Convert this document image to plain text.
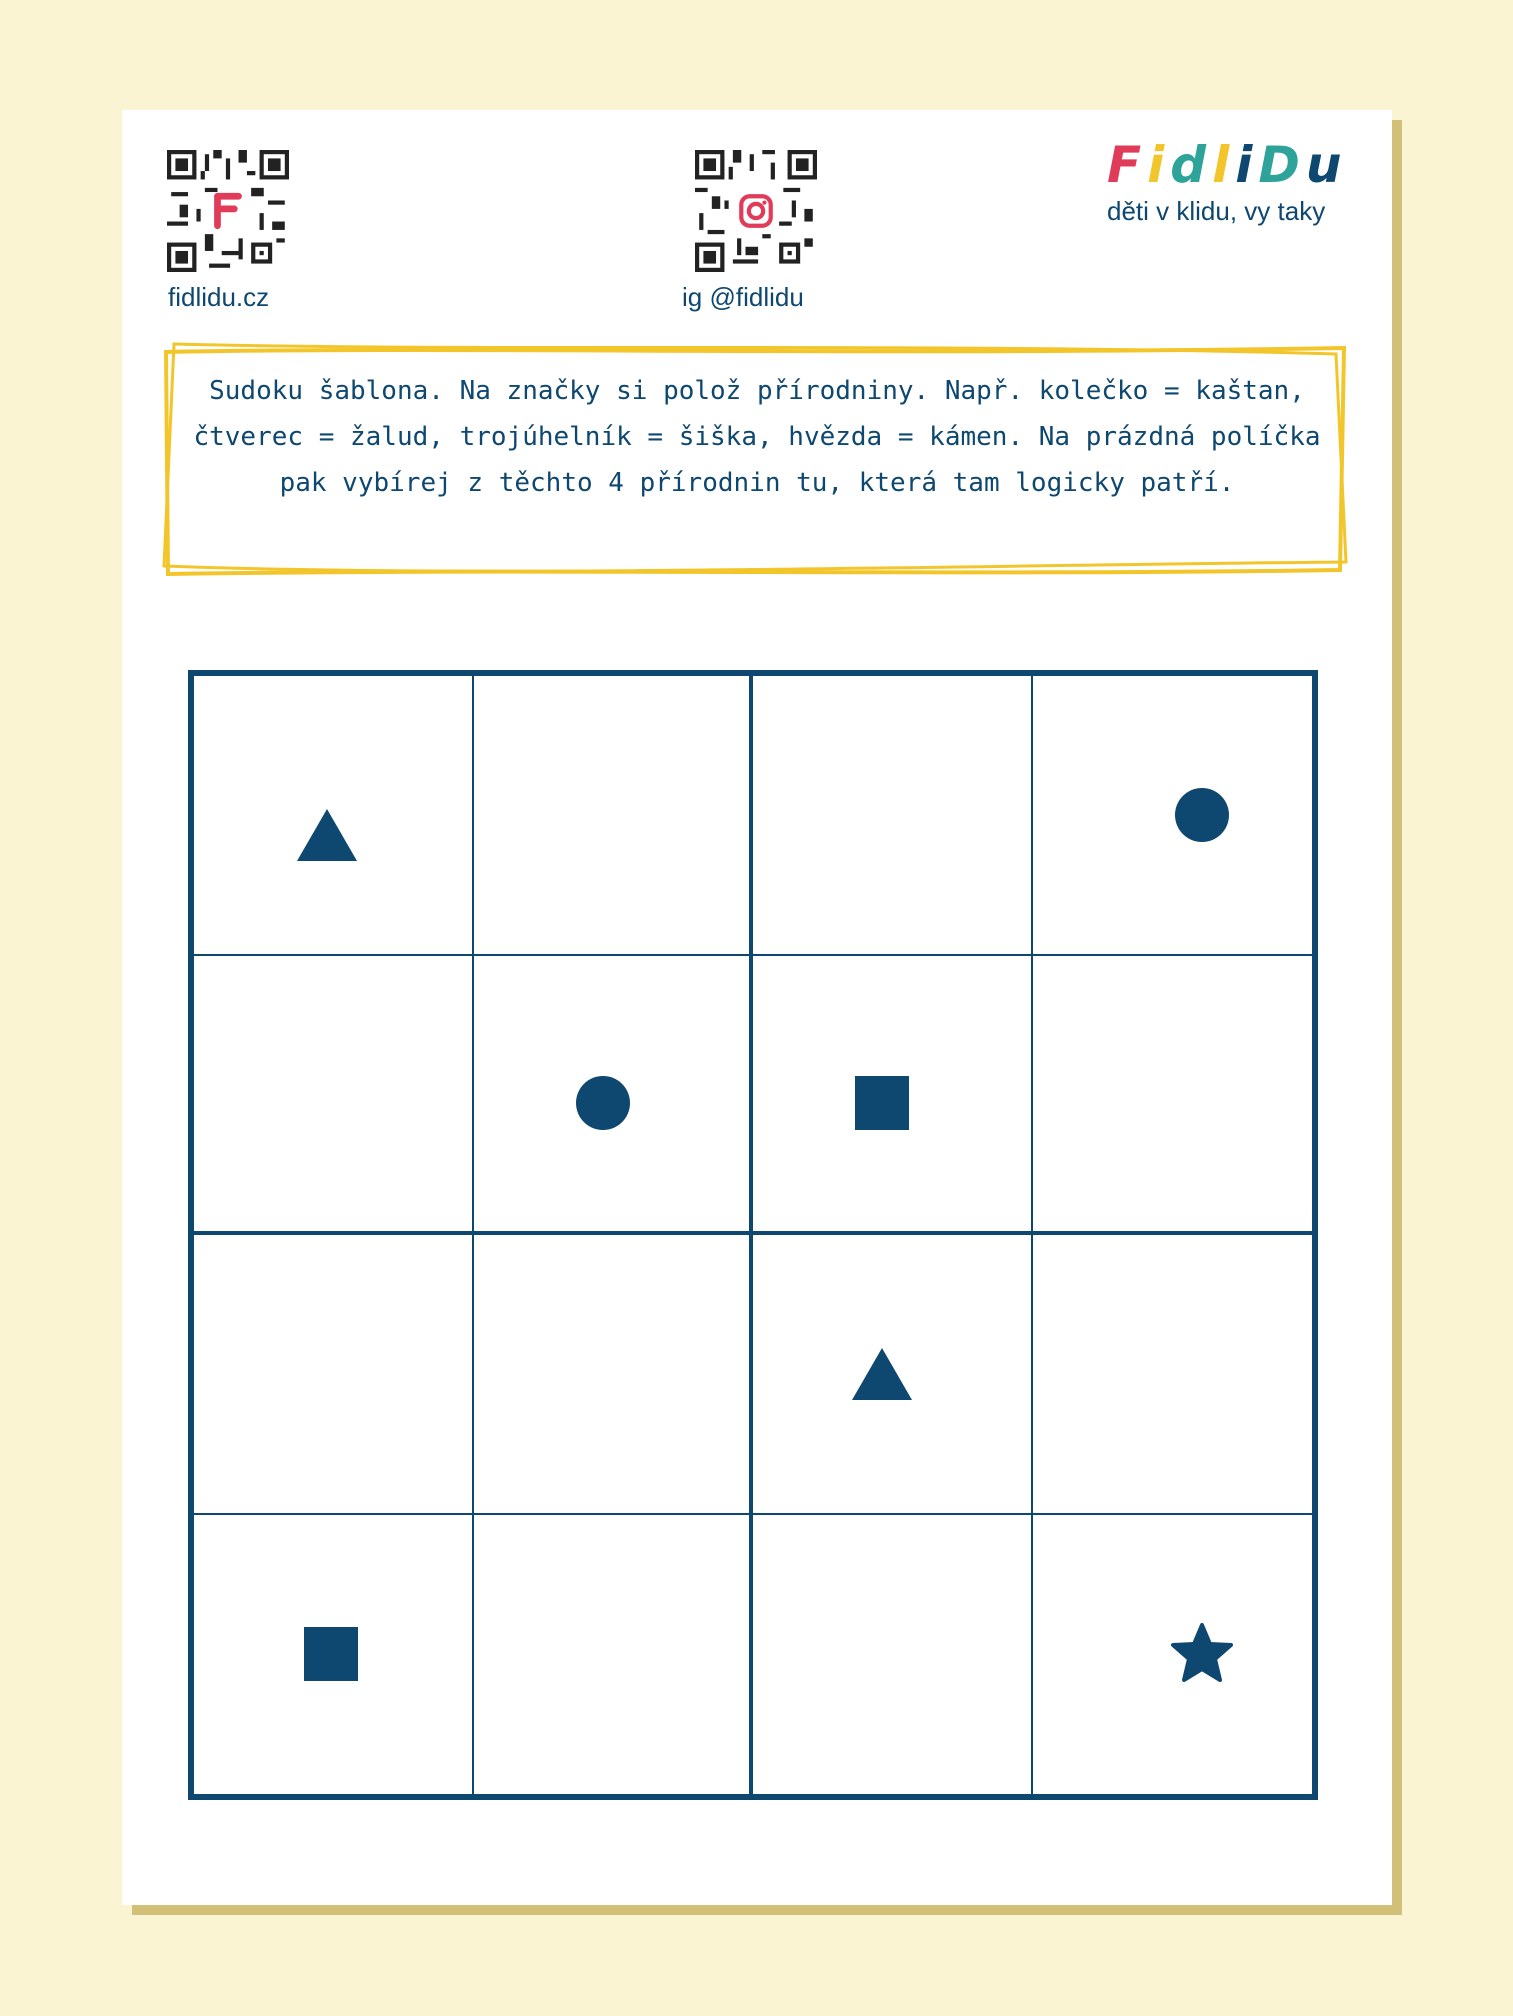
fidlidu.cz	ig @fidlidu
FidliDu
děti v klidu, vy taky
Sudoku šablona. Na značky si polož přírodniny. Např. kolečko = kaštan, čtverec = žalud, trojúhelník = šiška, hvězda = kámen. Na prázdná políčka pak vybírej z těchto 4 přírodnin tu, která tam logicky patří.
